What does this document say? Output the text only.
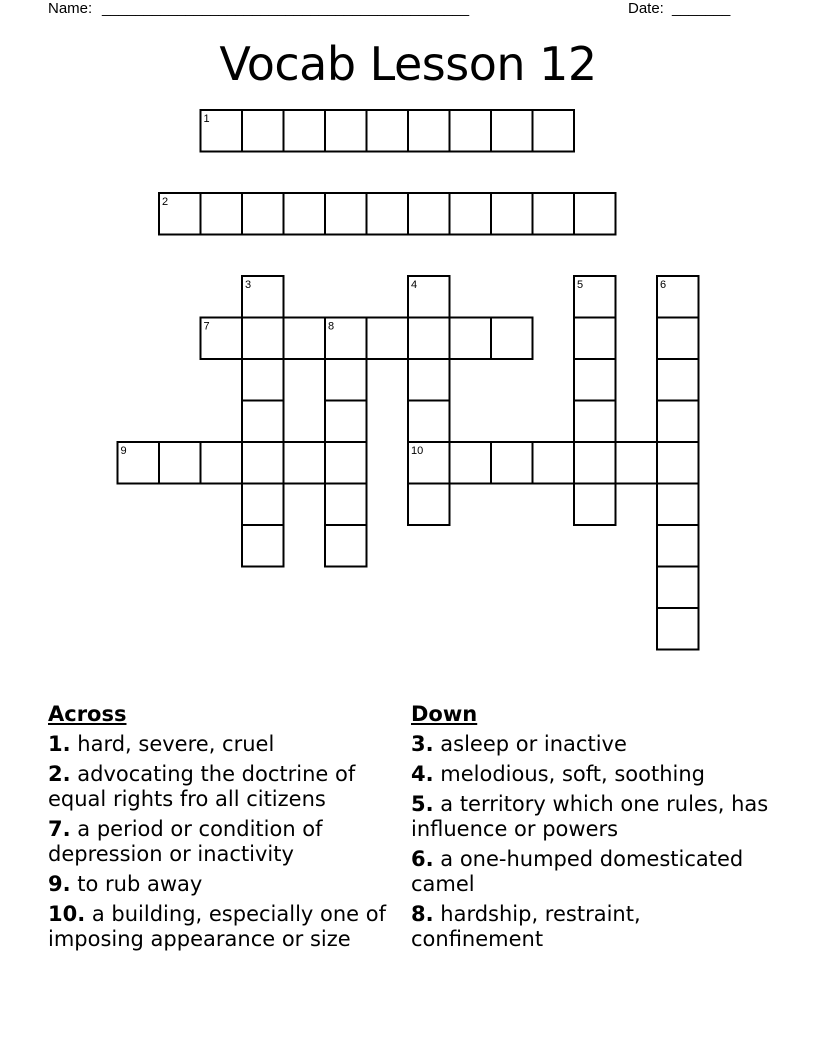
Name: ____________________________________________	Date: _______
Vocab Lesson 12
1
2
3	4
10
5	6
7	8
9
Across
1. hard, severe, cruel
2. advocating the doctrine of equal rights fro all citizens
7. a period or condition of depression or inactivity
9. to rub away
10. a building, especially one of imposing appearance or size
Down
3. asleep or inactive
4. melodious, soft, soothing
5. a territory which one rules, has influence or powers
6. a one-humped domesticated camel
8. hardship, restraint, confinement
